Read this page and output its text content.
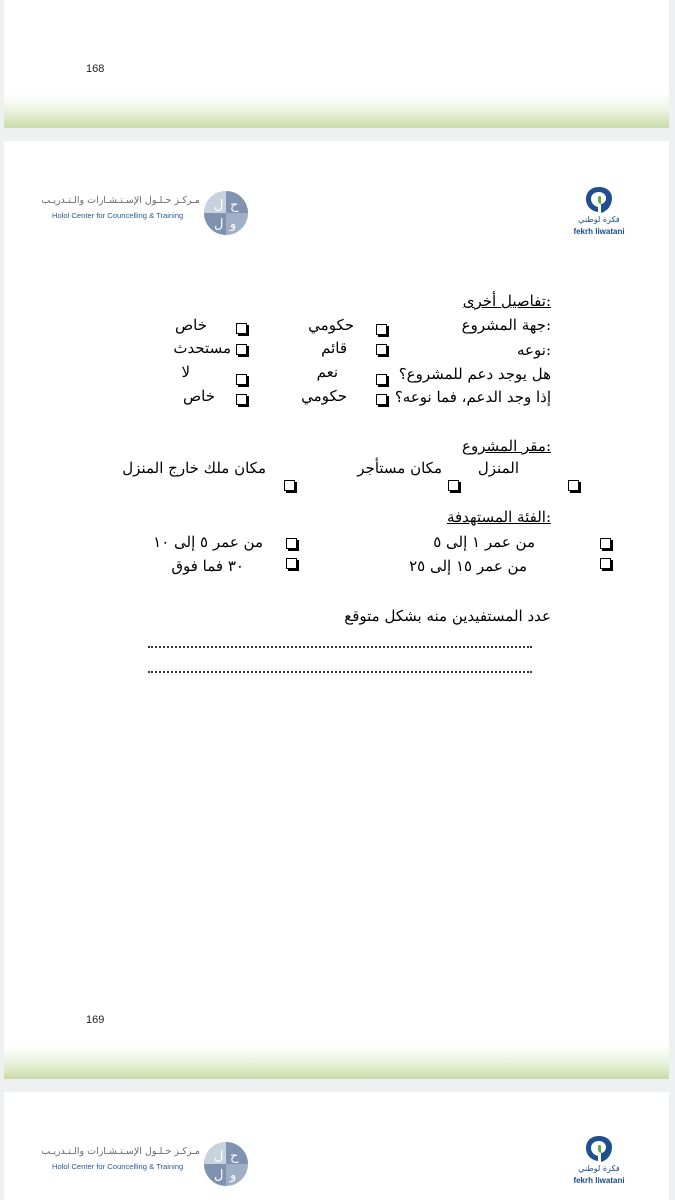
168
مـركـز حـلـول الإسـتـشـارات والـتـدريـب
Holol Center for Councelling & Training
ل ح
ل و	فكرة لوطني
fekrh liwatani
تفاصيل أخرى:
جهة المشروع:
حكومي
خاص
نوعه:
قائم
مستحدث
هل يوجد دعم للمشروع؟
نعم
لا
إذا وجد الدعم، فما نوعه؟
حكومي
خاص
مقر المشروع:
المنزل
مكان مستأجر
مكان ملك خارج المنزل
الفئة المستهدفة:
من عمر ١ إلى ٥
من عمر ٥ إلى ١٠
من عمر ١٥ إلى ٢٥
٣٠ فما فوق
عدد المستفيدين منه بشكل متوقع
169
مـركـز حـلـول الإسـتـشـارات والـتـدريـب
Holol Center for Councelling & Training
ل ح
ل و	فكرة لوطني
fekrh liwatani
